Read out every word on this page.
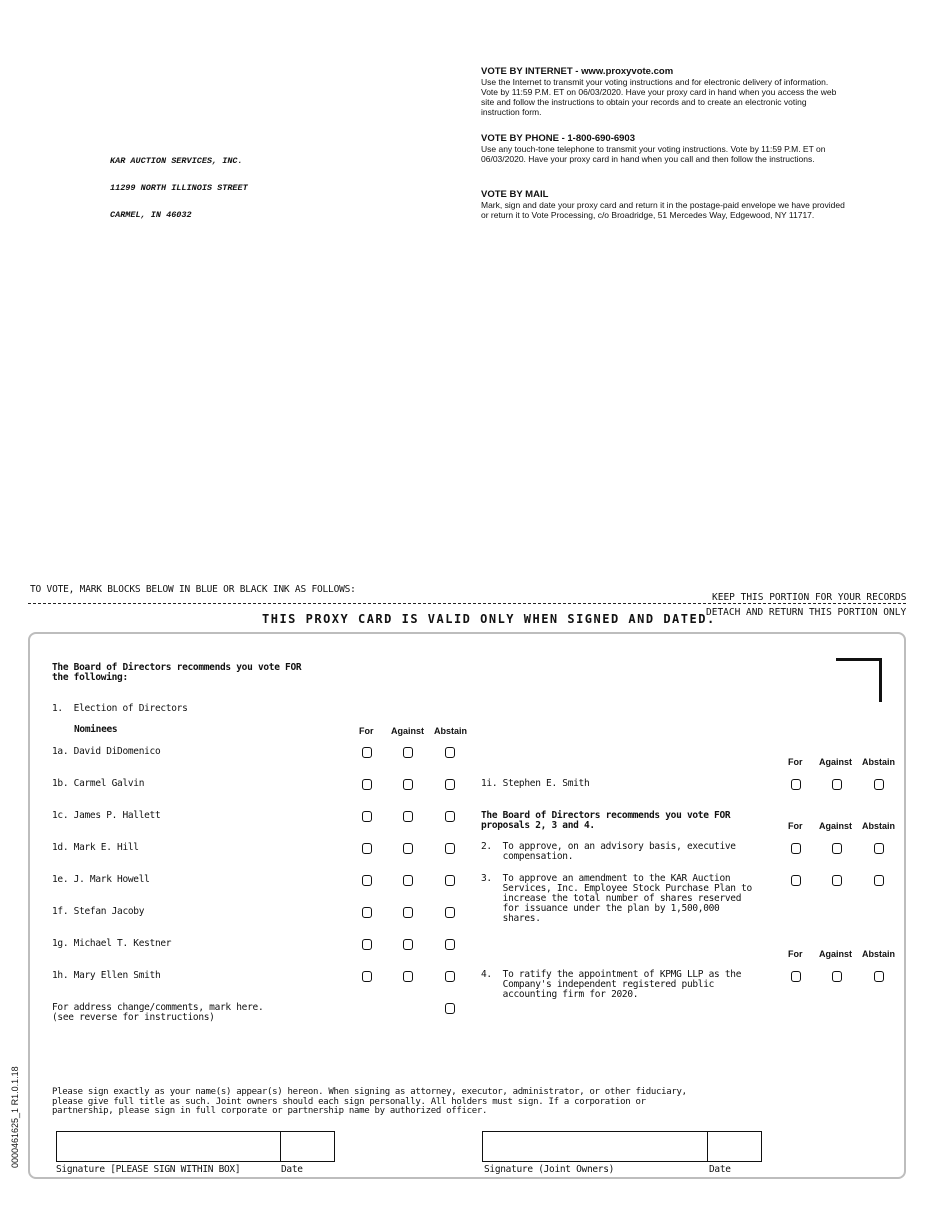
KAR AUCTION SERVICES, INC.

11299 NORTH ILLINOIS STREET

CARMEL, IN 46032

VOTE BY INTERNET - www.proxyvote.com
Use the Internet to transmit your voting instructions and for electronic delivery of information. Vote by 11:59 P.M. ET on 06/03/2020. Have your proxy card in hand when you access the web site and follow the instructions to obtain your records and to create an electronic voting instruction form.
VOTE BY PHONE - 1-800-690-6903
Use any touch-tone telephone to transmit your voting instructions. Vote by 11:59 P.M. ET on 06/03/2020. Have your proxy card in hand when you call and then follow the instructions.
VOTE BY MAIL
Mark, sign and date your proxy card and return it in the postage-paid envelope we have provided or return it to Vote Processing, c/o Broadridge, 51 Mercedes Way, Edgewood, NY 11717.
TO VOTE, MARK BLOCKS BELOW IN BLUE OR BLACK INK AS FOLLOWS:
KEEP THIS PORTION FOR YOUR RECORDS
DETACH AND RETURN THIS PORTION ONLY
THIS PROXY CARD IS VALID ONLY WHEN SIGNED AND DATED.
The Board of Directors recommends you vote FOR
the following:
1.  Election of Directors
Nominees	For Against Abstain
1a. David DiDomenico
1b. Carmel Galvin
1c. James P. Hallett
1d. Mark E. Hill
1e. J. Mark Howell
1f. Stefan Jacoby
1g. Michael T. Kestner
1h. Mary Ellen Smith
For Against Abstain
1i. Stephen E. Smith
The Board of Directors recommends you vote FOR
proposals 2, 3 and 4.	For Against Abstain
2.  To approve, on an advisory basis, executive
compensation.
3.  To approve an amendment to the KAR Auction
Services, Inc. Employee Stock Purchase Plan to
increase the total number of shares reserved
for issuance under the plan by 1,500,000
shares.
For Against Abstain
4.  To ratify the appointment of KPMG LLP as the
Company's independent registered public
accounting firm for 2020.
For address change/comments, mark here.
(see reverse for instructions)
Please sign exactly as your name(s) appear(s) hereon. When signing as attorney, executor, administrator, or other fiduciary,
please give full title as such. Joint owners should each sign personally. All holders must sign. If a corporation or
partnership, please sign in full corporate or partnership name by authorized officer.
Signature [PLEASE SIGN WITHIN BOX]	Date	Signature (Joint Owners)	Date
0000461625_1 R1.0.1.18
